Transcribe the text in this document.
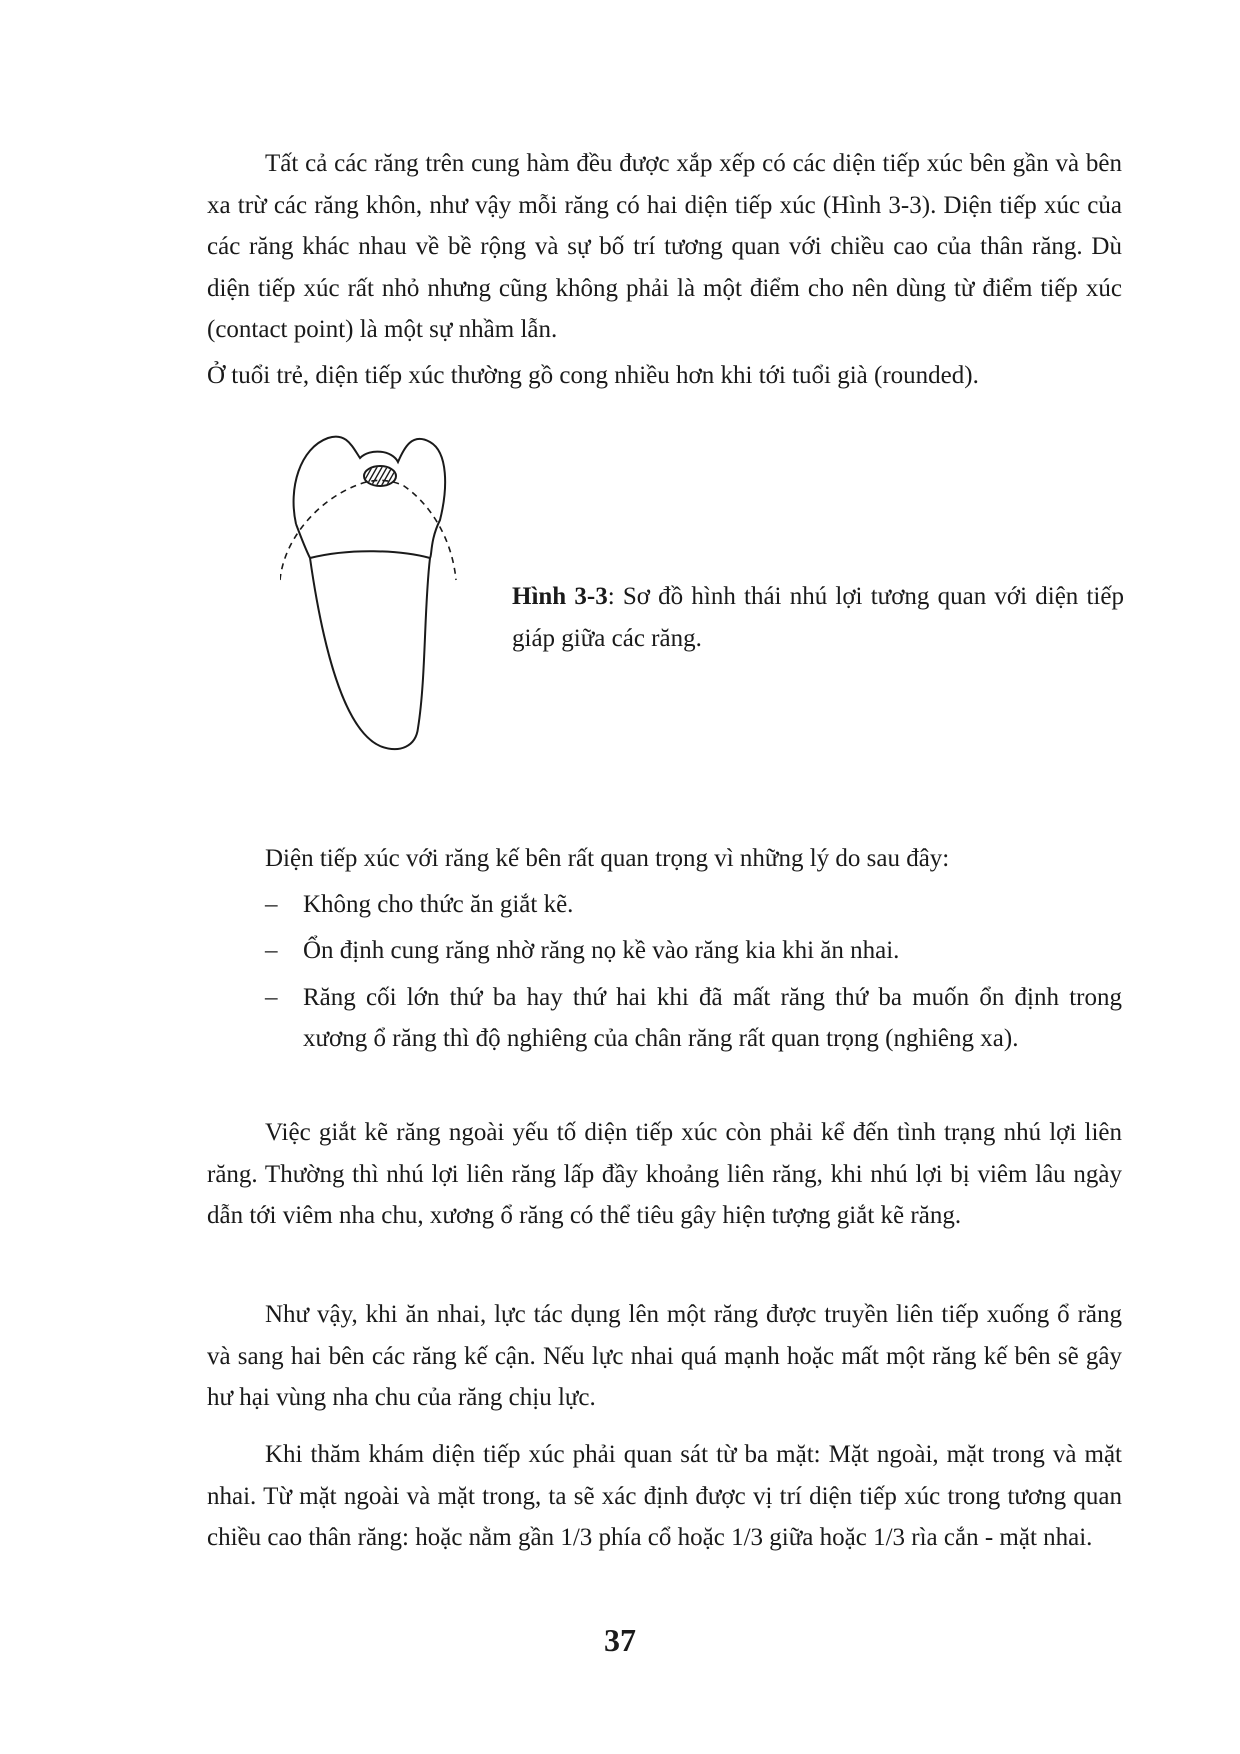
Tất cả các răng trên cung hàm đều được xắp xếp có các diện tiếp xúc bên gần và bên xa trừ các răng khôn, như vậy mỗi răng có hai diện tiếp xúc (Hình 3-3). Diện tiếp xúc của các răng khác nhau về bề rộng và sự bố trí tương quan với chiều cao của thân răng. Dù diện tiếp xúc rất nhỏ nhưng cũng không phải là một điểm cho nên dùng từ điểm tiếp xúc (contact point) là một sự nhầm lẫn.

Ở tuổi trẻ, diện tiếp xúc thường gồ cong nhiều hơn khi tới tuổi già (rounded).

Hình 3-3: Sơ đồ hình thái nhú lợi tương quan với diện tiếp giáp giữa các răng.

Diện tiếp xúc với răng kế bên rất quan trọng vì những lý do sau đây:

– Không cho thức ăn giắt kẽ.
– Ổn định cung răng nhờ răng nọ kề vào răng kia khi ăn nhai.
– Răng cối lớn thứ ba hay thứ hai khi đã mất răng thứ ba muốn ổn định trong xương ổ răng thì độ nghiêng của chân răng rất quan trọng (nghiêng xa).

Việc giắt kẽ răng ngoài yếu tố diện tiếp xúc còn phải kể đến tình trạng nhú lợi liên răng. Thường thì nhú lợi liên răng lấp đầy khoảng liên răng, khi nhú lợi bị viêm lâu ngày dẫn tới viêm nha chu, xương ổ răng có thể tiêu gây hiện tượng giắt kẽ răng.

Như vậy, khi ăn nhai, lực tác dụng lên một răng được truyền liên tiếp xuống ổ răng và sang hai bên các răng kế cận. Nếu lực nhai quá mạnh hoặc mất một răng kế bên sẽ gây hư hại vùng nha chu của răng chịu lực.

Khi thăm khám diện tiếp xúc phải quan sát từ ba mặt: Mặt ngoài, mặt trong và mặt nhai. Từ mặt ngoài và mặt trong, ta sẽ xác định được vị trí diện tiếp xúc trong tương quan chiều cao thân răng: hoặc nằm gần 1/3 phía cổ hoặc 1/3 giữa hoặc 1/3 rìa cắn - mặt nhai.

37
